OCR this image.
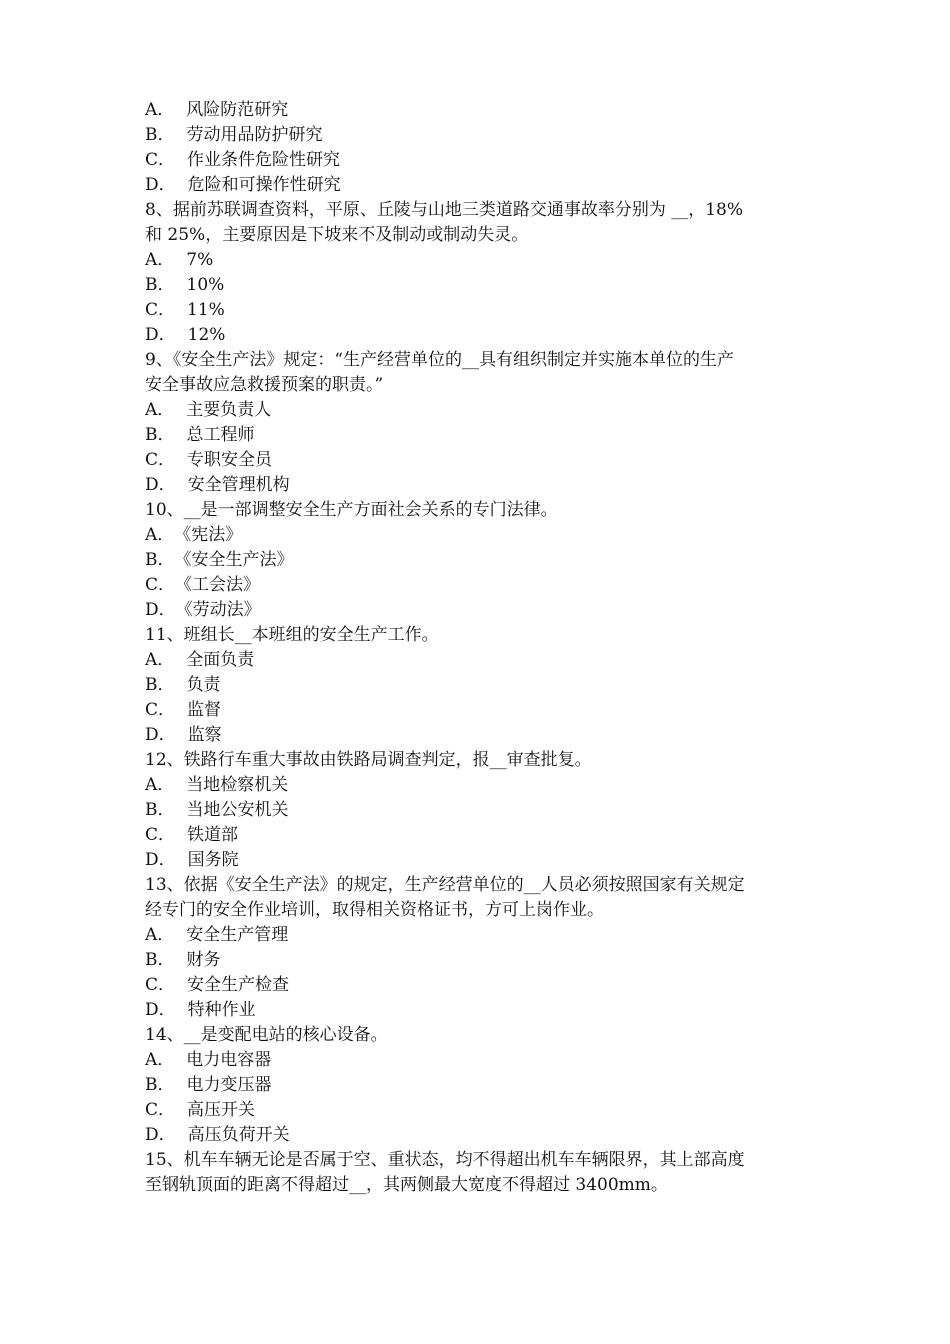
A． 风险防范研究
B． 劳动用品防护研究
C． 作业条件危险性研究
D． 危险和可操作性研究
8、据前苏联调查资料，平原、丘陵与山地三类道路交通事故率分别为 __，18%
和 25%，主要原因是下坡来不及制动或制动失灵。
A． 7%
B． 10%
C． 11%
D． 12%
9、《安全生产法》规定：“生产经营单位的__具有组织制定并实施本单位的生产
安全事故应急救援预案的职责。”
A． 主要负责人
B． 总工程师
C． 专职安全员
D． 安全管理机构
10、__是一部调整安全生产方面社会关系的专门法律。
A．《宪法》
B．《安全生产法》
C．《工会法》
D．《劳动法》
11、班组长__本班组的安全生产工作。
A． 全面负责
B． 负责
C． 监督
D． 监察
12、铁路行车重大事故由铁路局调查判定，报__审查批复。
A． 当地检察机关
B． 当地公安机关
C． 铁道部
D． 国务院
13、依据《安全生产法》的规定，生产经营单位的__人员必须按照国家有关规定
经专门的安全作业培训，取得相关资格证书，方可上岗作业。
A． 安全生产管理
B． 财务
C． 安全生产检查
D． 特种作业
14、__是变配电站的核心设备。
A． 电力电容器
B． 电力变压器
C． 高压开关
D． 高压负荷开关
15、机车车辆无论是否属于空、重状态，均不得超出机车车辆限界，其上部高度
至钢轨顶面的距离不得超过__，其两侧最大宽度不得超过 3400mm。
